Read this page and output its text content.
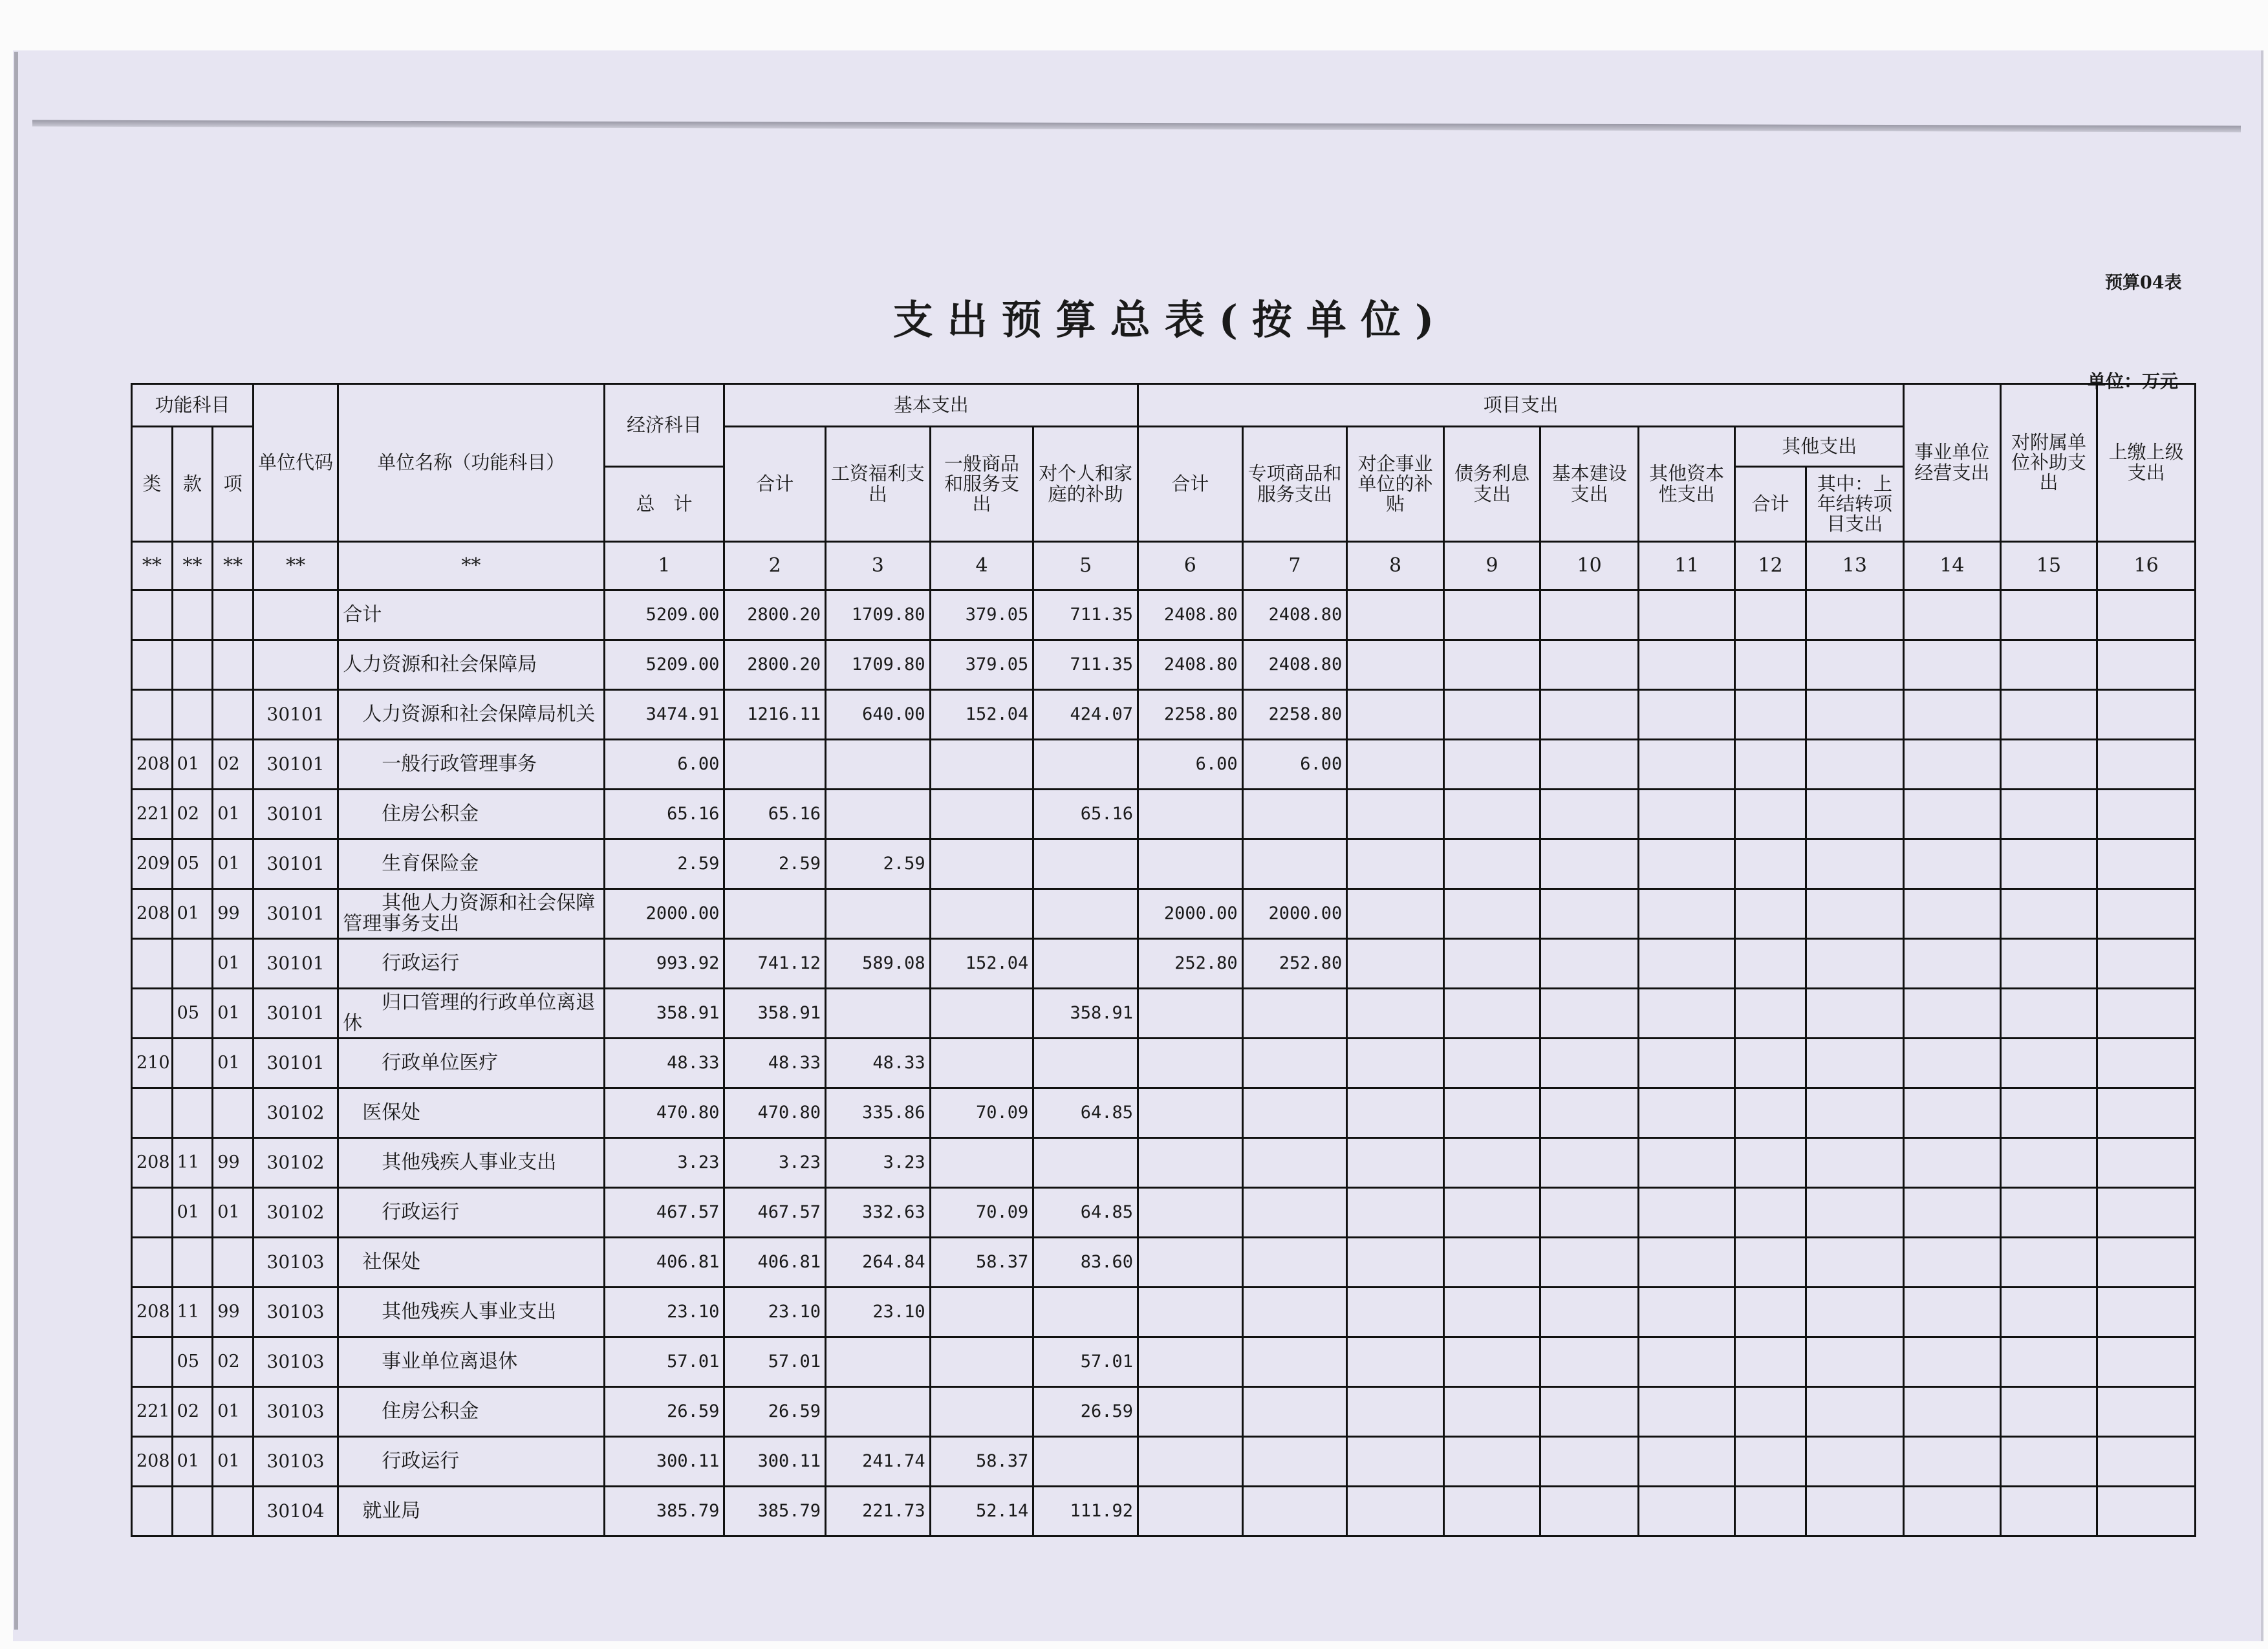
预算04表
支出预算总表(按单位)
单位：万元
功能科目			单位代码	单位名称（功能科目）	经济科目	基本支出				项目支出								事业单位经营支出	对附属单位补助支出	上缴上级支出
类	款	项				合计	工资福利支出	一般商品和服务支出	对个人和家庭的补助	合计	专项商品和服务支出	对企事业单位的补贴	债务利息支出	基本建设支出	其他资本性支出	其他支出				
					总　计											合计	其中：上年结转项目支出			
**	**	**	**	**	1	2	3	4	5	6	7	8	9	10	11	12	13	14	15	16
				合计	5209.00	2800.20	1709.80	379.05	711.35	2408.80	2408.80									
				人力资源和社会保障局	5209.00	2800.20	1709.80	379.05	711.35	2408.80	2408.80									
			30101	　人力资源和社会保障局机关	3474.91	1216.11	640.00	152.04	424.07	2258.80	2258.80									
208	01	02	30101	　　一般行政管理事务	6.00					6.00	6.00									
221	02	01	30101	　　住房公积金	65.16	65.16			65.16											
209	05	01	30101	　　生育保险金	2.59	2.59	2.59													
208	01	99	30101	　　其他人力资源和社会保障管理事务支出	2000.00					2000.00	2000.00									
		01	30101	　　行政运行	993.92	741.12	589.08	152.04		252.80	252.80									
	05	01	30101	　　归口管理的行政单位离退休	358.91	358.91			358.91											
210		01	30101	　　行政单位医疗	48.33	48.33	48.33													
			30102	　医保处	470.80	470.80	335.86	70.09	64.85											
208	11	99	30102	　　其他残疾人事业支出	3.23	3.23	3.23													
	01	01	30102	　　行政运行	467.57	467.57	332.63	70.09	64.85											
			30103	　社保处	406.81	406.81	264.84	58.37	83.60											
208	11	99	30103	　　其他残疾人事业支出	23.10	23.10	23.10													
	05	02	30103	　　事业单位离退休	57.01	57.01			57.01											
221	02	01	30103	　　住房公积金	26.59	26.59			26.59											
208	01	01	30103	　　行政运行	300.11	300.11	241.74	58.37												
			30104	　就业局	385.79	385.79	221.73	52.14	111.92											
